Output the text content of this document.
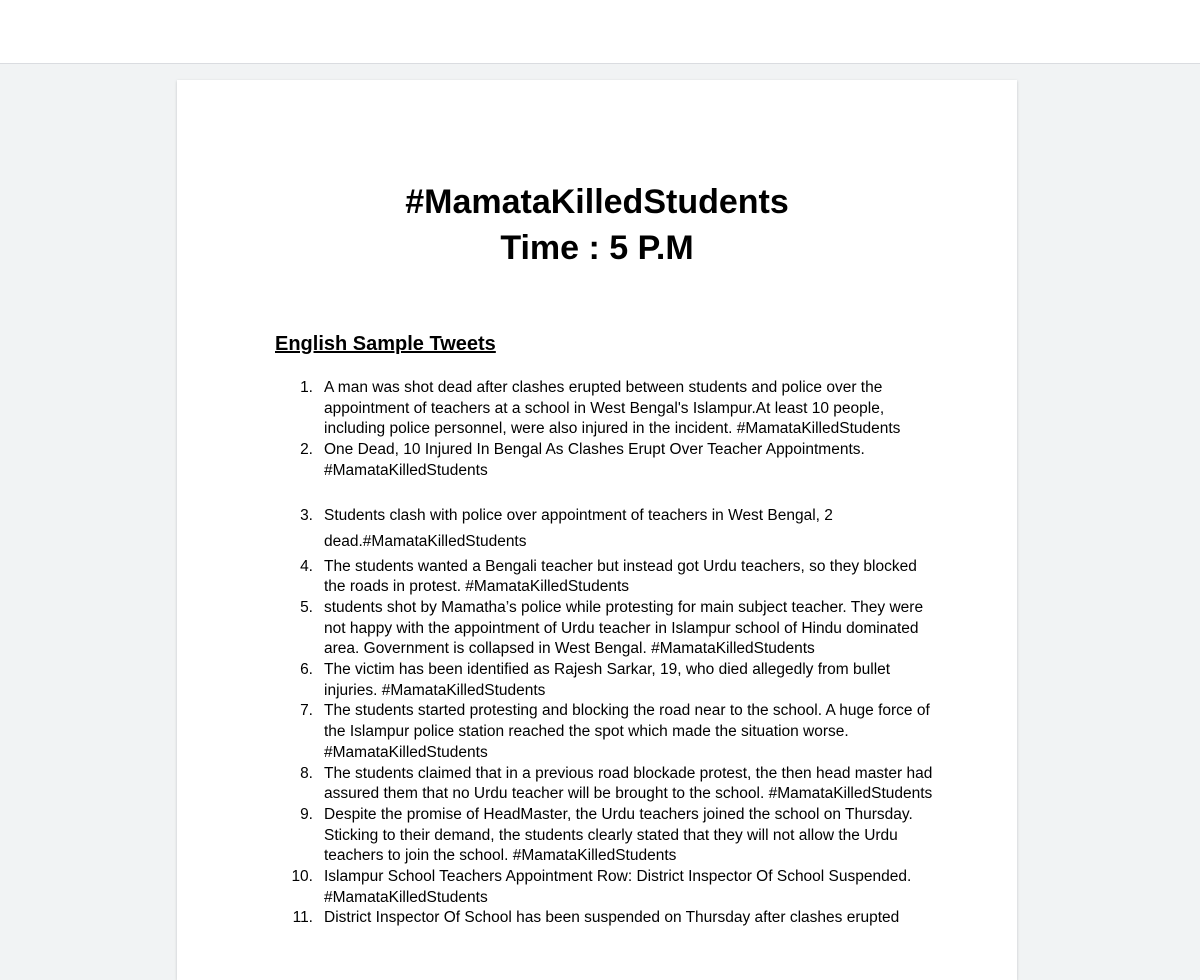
#MamataKilledStudents
Time : 5 P.M
English Sample Tweets
1. A man was shot dead after clashes erupted between students and police over the appointment of teachers at a school in West Bengal's Islampur.At least 10 people, including police personnel, were also injured in the incident. #MamataKilledStudents
2. One Dead, 10 Injured In Bengal As Clashes Erupt Over Teacher Appointments. #MamataKilledStudents
3. Students clash with police over appointment of teachers in West Bengal, 2 dead.#MamataKilledStudents
4. The students wanted a Bengali teacher but instead got Urdu teachers, so they blocked the roads in protest. #MamataKilledStudents
5. students shot by Mamatha’s police while protesting for main subject teacher. They were not happy with the appointment of Urdu teacher in Islampur school of Hindu dominated area. Government is collapsed in West Bengal. #MamataKilledStudents
6. The victim has been identified as Rajesh Sarkar, 19, who died allegedly from bullet injuries. #MamataKilledStudents
7. The students started protesting and blocking the road near to the school. A huge force of the Islampur police station reached the spot which made the situation worse. #MamataKilledStudents
8. The students claimed that in a previous road blockade protest, the then head master had assured them that no Urdu teacher will be brought to the school. #MamataKilledStudents
9. Despite the promise of HeadMaster, the Urdu teachers joined the school on Thursday. Sticking to their demand, the students clearly stated that they will not allow the Urdu teachers to join the school. #MamataKilledStudents
10. Islampur School Teachers Appointment Row: District Inspector Of School Suspended. #MamataKilledStudents
11. District Inspector Of School has been suspended on Thursday after clashes erupted
